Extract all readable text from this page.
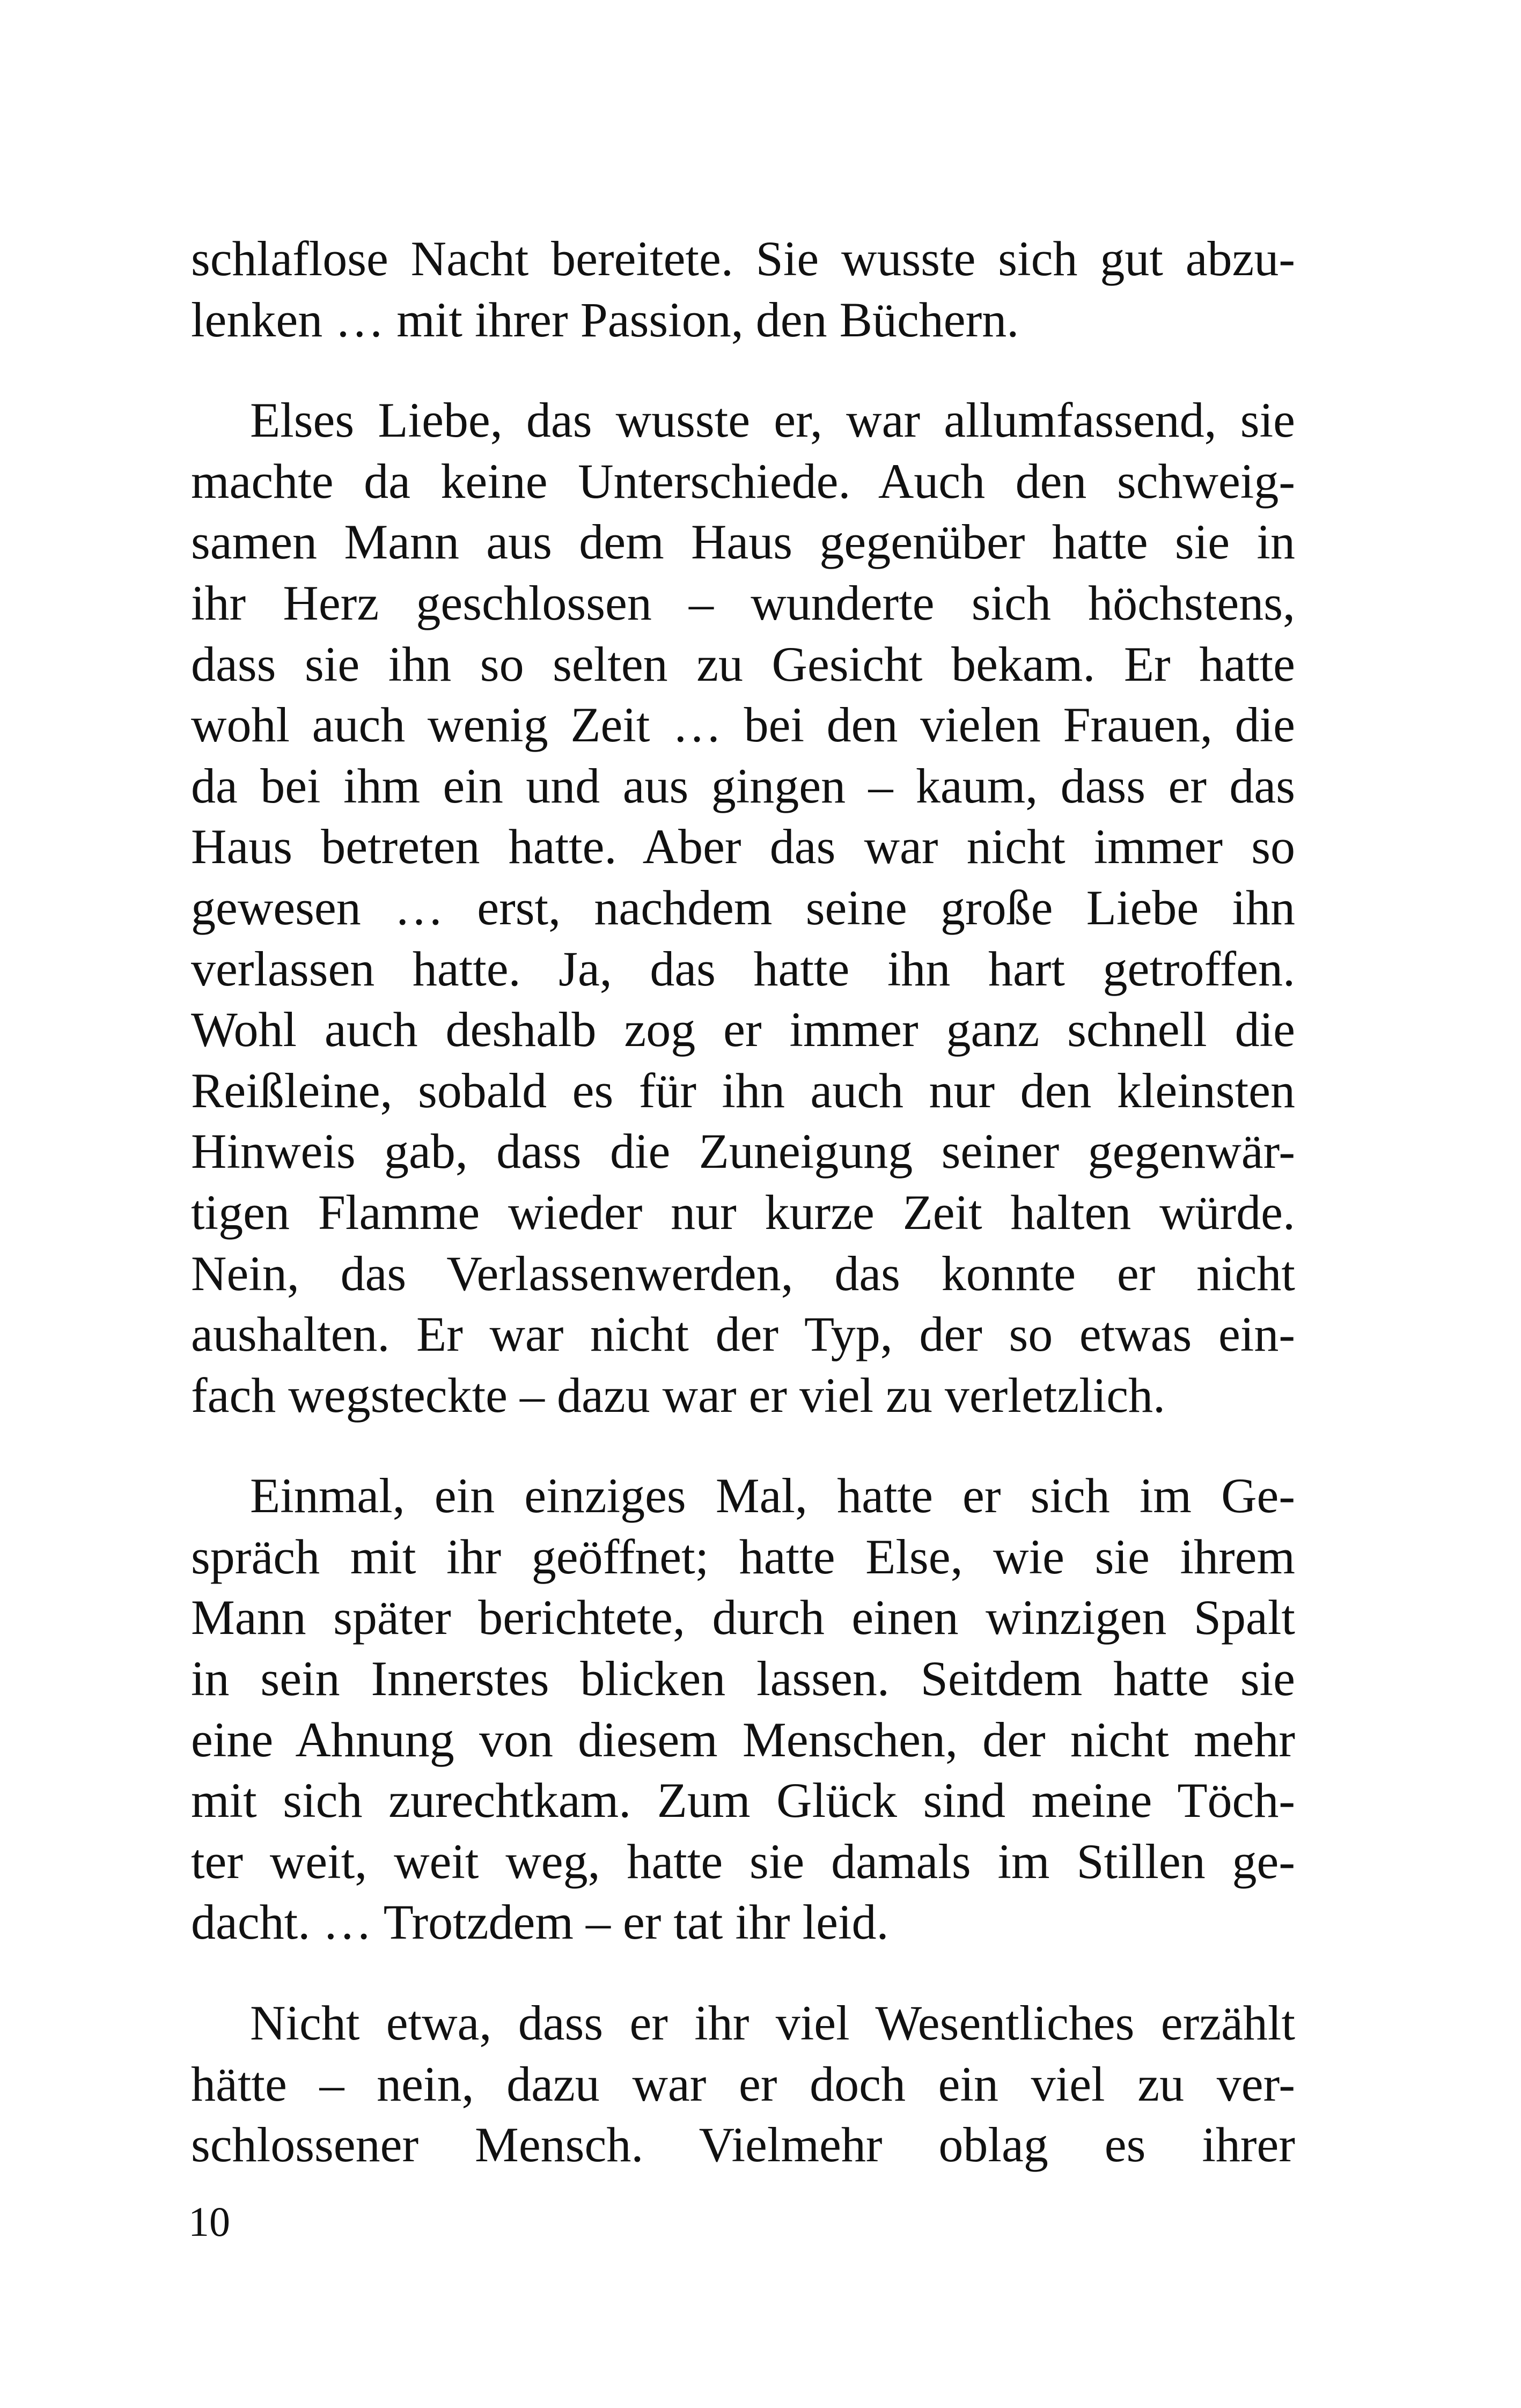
schlaflose Nacht bereitete. Sie wusste sich gut abzu-
lenken … mit ihrer Passion, den Büchern.

Elses Liebe, das wusste er, war allumfassend, sie
machte da keine Unterschiede. Auch den schweig-
samen Mann aus dem Haus gegenüber hatte sie in
ihr Herz geschlossen – wunderte sich höchstens,
dass sie ihn so selten zu Gesicht bekam. Er hatte
wohl auch wenig Zeit … bei den vielen Frauen, die
da bei ihm ein und aus gingen – kaum, dass er das
Haus betreten hatte. Aber das war nicht immer so
gewesen … erst, nachdem seine große Liebe ihn
verlassen hatte. Ja, das hatte ihn hart getroffen.
Wohl auch deshalb zog er immer ganz schnell die
Reißleine, sobald es für ihn auch nur den kleinsten
Hinweis gab, dass die Zuneigung seiner gegenwär-
tigen Flamme wieder nur kurze Zeit halten würde.
Nein, das Verlassenwerden, das konnte er nicht
aushalten. Er war nicht der Typ, der so etwas ein-
fach wegsteckte – dazu war er viel zu verletzlich.

Einmal, ein einziges Mal, hatte er sich im Ge-
spräch mit ihr geöffnet; hatte Else, wie sie ihrem
Mann später berichtete, durch einen winzigen Spalt
in sein Innerstes blicken lassen. Seitdem hatte sie
eine Ahnung von diesem Menschen, der nicht mehr
mit sich zurechtkam. Zum Glück sind meine Töch-
ter weit, weit weg, hatte sie damals im Stillen ge-
dacht. … Trotzdem – er tat ihr leid.

Nicht etwa, dass er ihr viel Wesentliches erzählt
hätte – nein, dazu war er doch ein viel zu ver-
schlossener Mensch. Vielmehr oblag es ihrer

10
